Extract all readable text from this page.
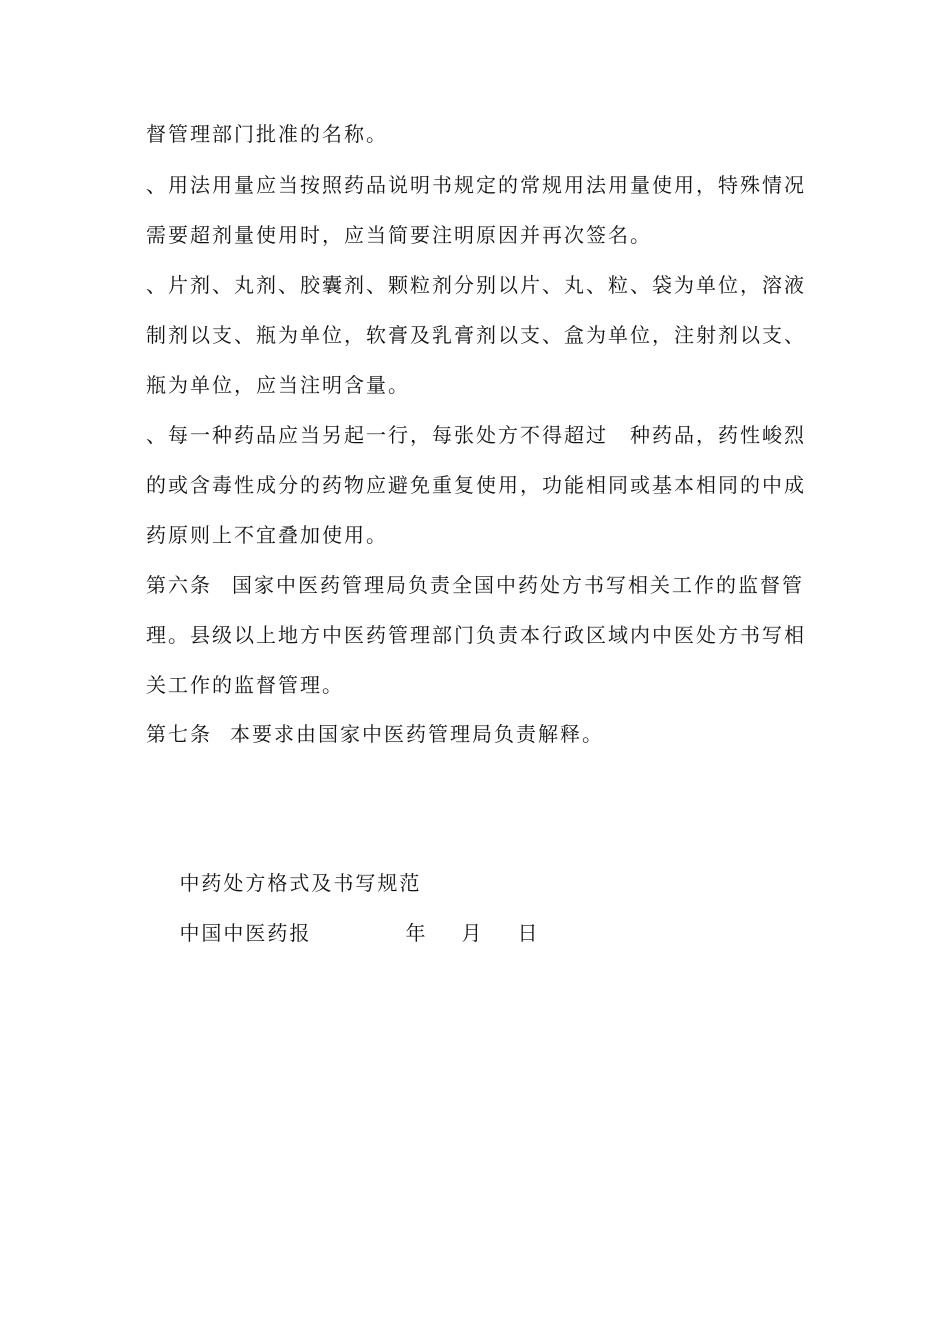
督管理部门批准的名称。
、用法用量应当按照药品说明书规定的常规用法用量使用，特殊情况需要超剂量使用时，应当简要注明原因并再次签名。
、片剂、丸剂、胶囊剂、颗粒剂分别以片、丸、粒、袋为单位，溶液制剂以支、瓶为单位，软膏及乳膏剂以支、盒为单位，注射剂以支、瓶为单位，应当注明含量。
、每一种药品应当另起一行，每张处方不得超过 种药品，药性峻烈的或含毒性成分的药物应避免重复使用，功能相同或基本相同的中成药原则上不宜叠加使用。
第六条 国家中医药管理局负责全国中药处方书写相关工作的监督管理。县级以上地方中医药管理部门负责本行政区域内中医处方书写相关工作的监督管理。
第七条 本要求由国家中医药管理局负责解释。

中药处方格式及书写规范

中国中医药报	年 月 日
